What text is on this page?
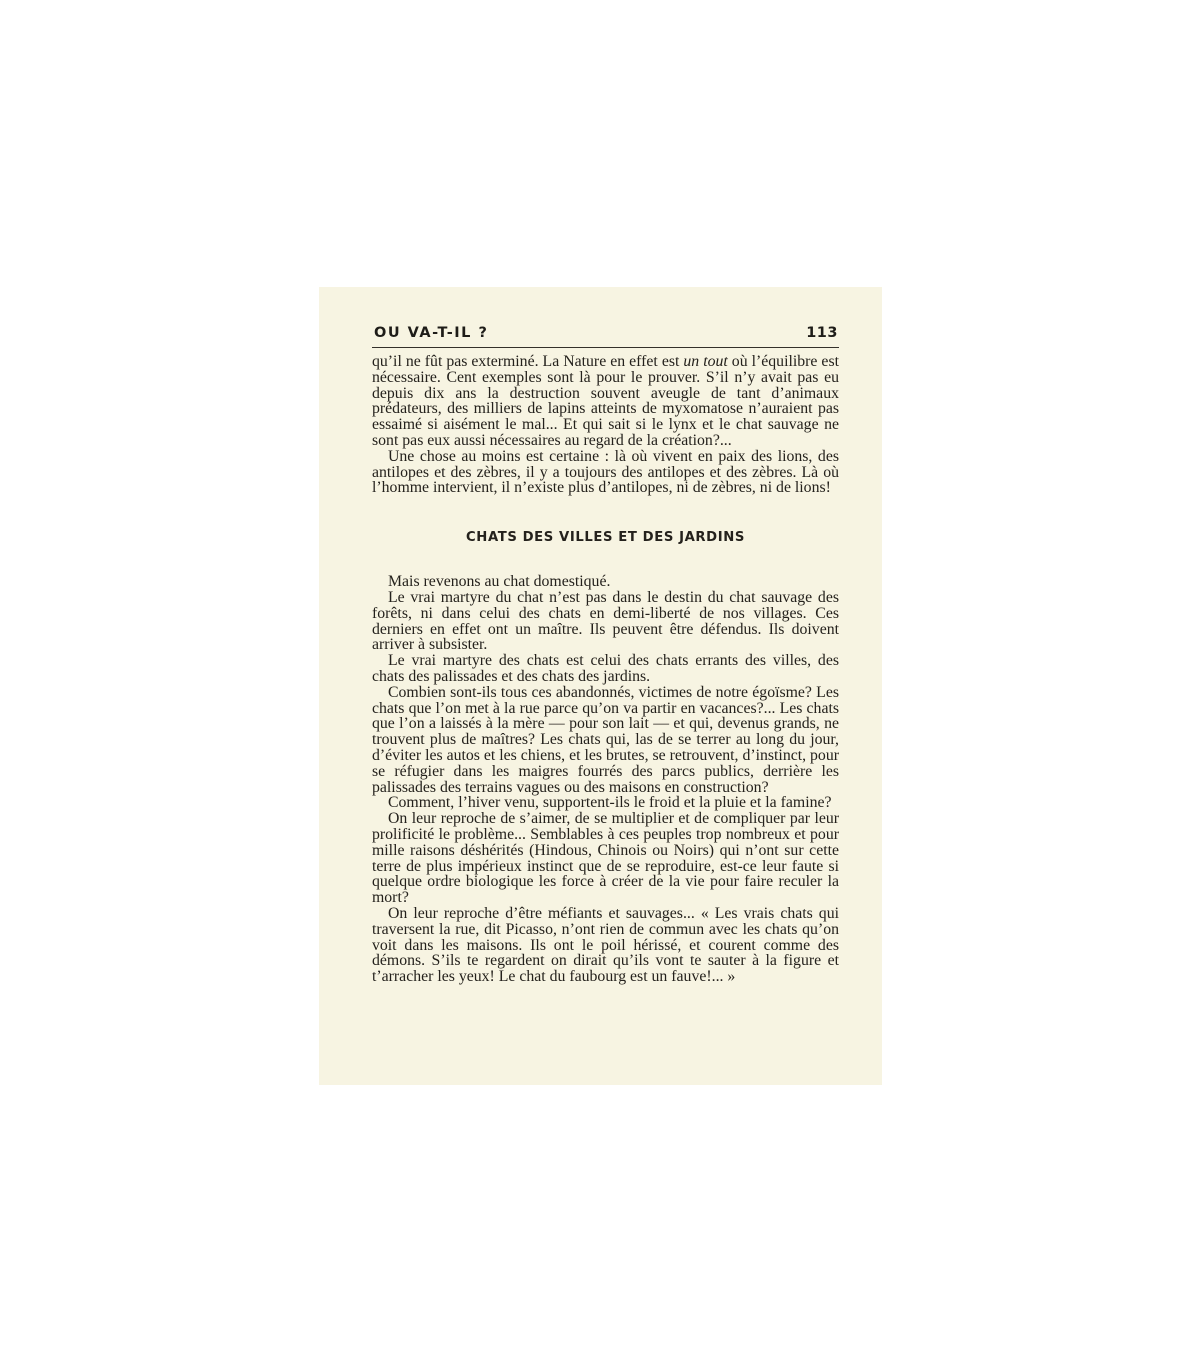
OU VA-T-IL ?	113

qu’il ne fût pas exterminé. La Nature en effet est un tout où l’équilibre est nécessaire. Cent exemples sont là pour le prouver. S’il n’y avait pas eu depuis dix ans la destruction souvent aveugle de tant d’animaux prédateurs, des milliers de lapins atteints de myxomatose n’auraient pas essaimé si aisément le mal... Et qui sait si le lynx et le chat sauvage ne sont pas eux aussi nécessaires au regard de la création?...

Une chose au moins est certaine : là où vivent en paix des lions, des antilopes et des zèbres, il y a toujours des antilopes et des zèbres. Là où l’homme intervient, il n’existe plus d’antilopes, ni de zèbres, ni de lions!

CHATS DES VILLES ET DES JARDINS

Mais revenons au chat domestiqué.

Le vrai martyre du chat n’est pas dans le destin du chat sauvage des forêts, ni dans celui des chats en demi-liberté de nos villages. Ces derniers en effet ont un maître. Ils peuvent être défendus. Ils doivent arriver à subsister.

Le vrai martyre des chats est celui des chats errants des villes, des chats des palissades et des chats des jardins.

Combien sont-ils tous ces abandonnés, victimes de notre égoïsme? Les chats que l’on met à la rue parce qu’on va partir en vacances?... Les chats que l’on a laissés à la mère — pour son lait — et qui, devenus grands, ne trouvent plus de maîtres? Les chats qui, las de se terrer au long du jour, d’éviter les autos et les chiens, et les brutes, se retrouvent, d’instinct, pour se réfugier dans les maigres fourrés des parcs publics, derrière les palissades des terrains vagues ou des maisons en construction?

Comment, l’hiver venu, supportent-ils le froid et la pluie et la famine?

On leur reproche de s’aimer, de se multiplier et de compliquer par leur prolificité le problème... Semblables à ces peuples trop nombreux et pour mille raisons déshérités (Hindous, Chinois ou Noirs) qui n’ont sur cette terre de plus impérieux instinct que de se reproduire, est-ce leur faute si quelque ordre biologique les force à créer de la vie pour faire reculer la mort?

On leur reproche d’être méfiants et sauvages... « Les vrais chats qui traversent la rue, dit Picasso, n’ont rien de commun avec les chats qu’on voit dans les maisons. Ils ont le poil hérissé, et courent comme des démons. S’ils te regardent on dirait qu’ils vont te sauter à la figure et t’arracher les yeux! Le chat du faubourg est un fauve!... »
